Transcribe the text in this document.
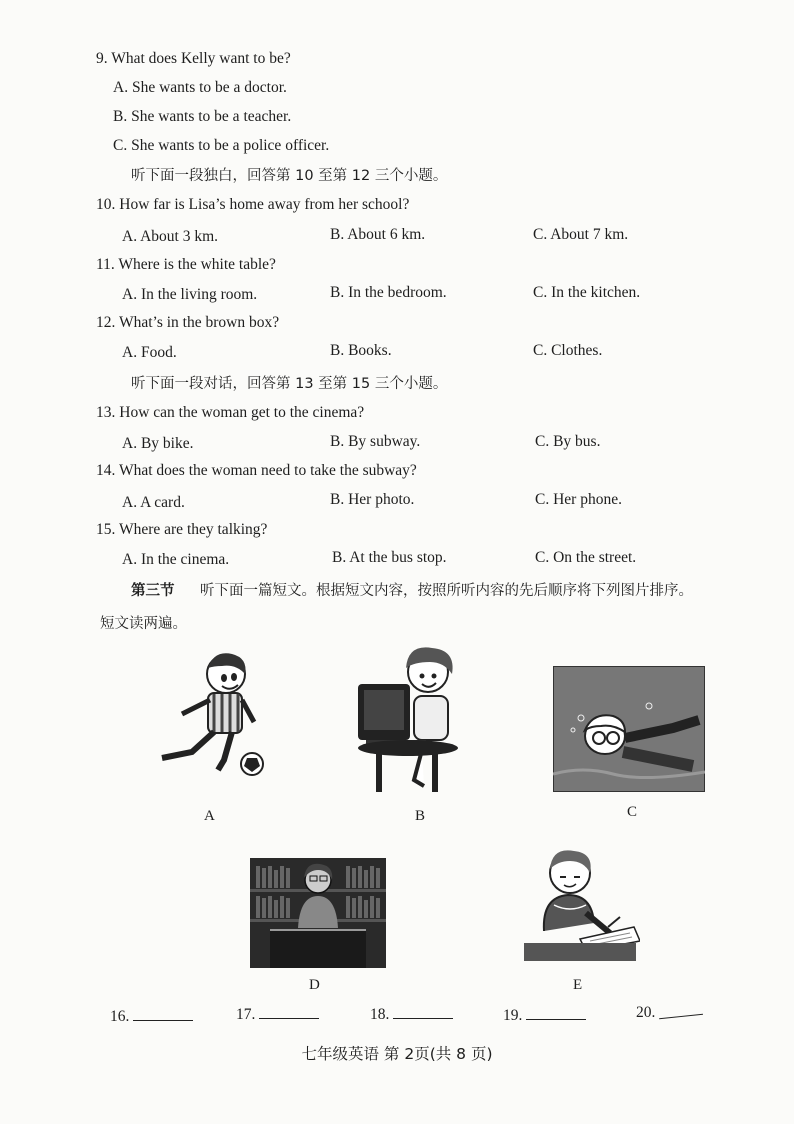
9. What does Kelly want to be?
A. She wants to be a doctor.
B. She wants to be a teacher.
C. She wants to be a police officer.
听下面一段独白，回答第 10 至第 12 三个小题。
10. How far is Lisa’s home away from her school?
A. About 3 km.	B. About 6 km.	C. About 7 km.
11. Where is the white table?
A. In the living room.	B. In the bedroom.	C. In the kitchen.
12. What’s in the brown box?
A. Food.	B. Books.	C. Clothes.
听下面一段对话，回答第 13 至第 15 三个小题。
13. How can the woman get to the cinema?
A. By bike.	B. By subway.	C. By bus.
14. What does the woman need to take the subway?
A. A card.	B. Her photo.	C. Her phone.
15. Where are they talking?
A. In the cinema.	B. At the bus stop.	C. On the street.
第三节 听下面一篇短文。根据短文内容，按照所听内容的先后顺序将下列图片排序。
短文读两遍。
A	B	C
D	E
16.	17.	18.	19.	20.
七年级英语 第 2页(共 8 页)
